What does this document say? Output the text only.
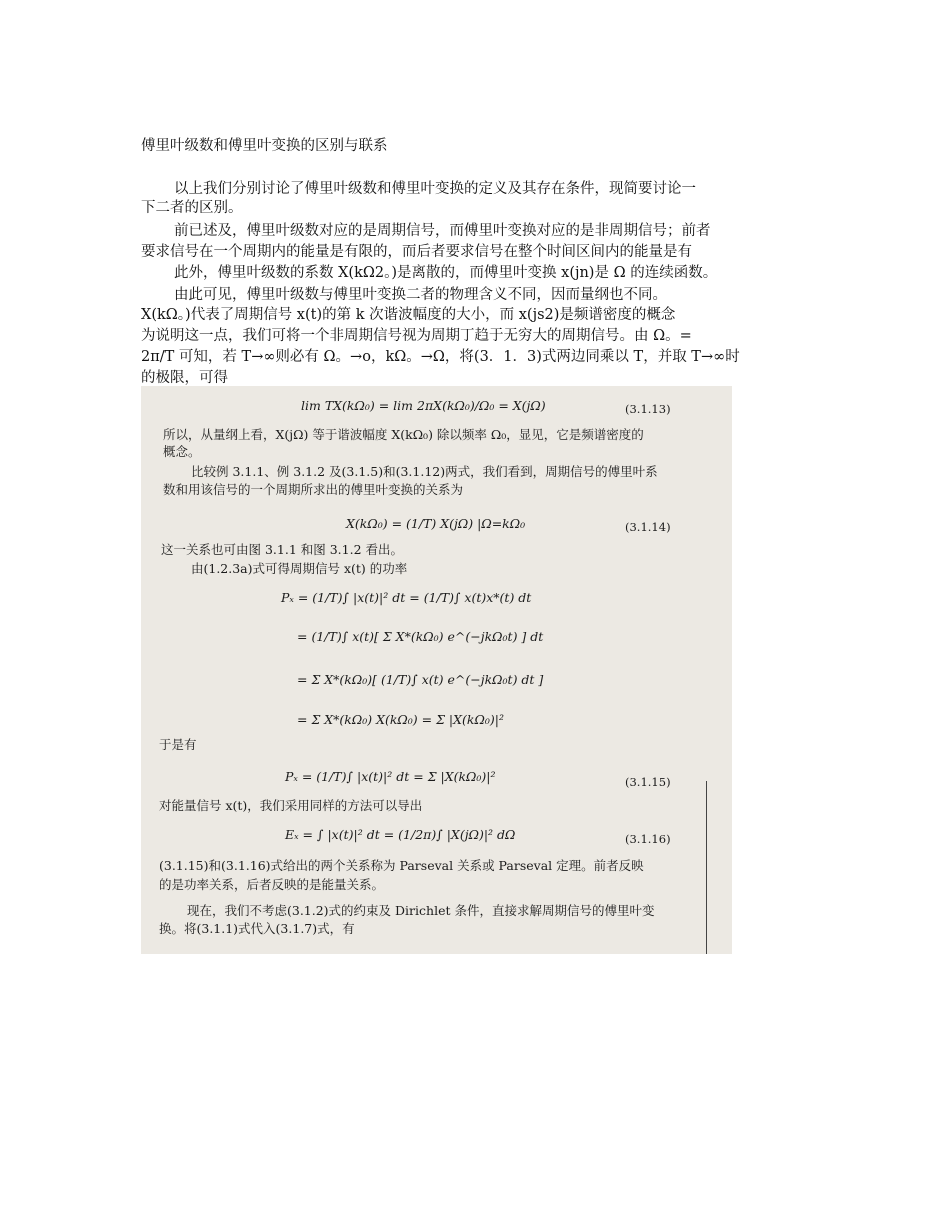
傅里叶级数和傅里叶变换的区别与联系
以上我们分别讨论了傅里叶级数和傅里叶变换的定义及其存在条件，现简要讨论一
下二者的区别。
前已述及，傅里叶级数对应的是周期信号，而傅里叶变换对应的是非周期信号；前者
要求信号在一个周期内的能量是有限的，而后者要求信号在整个时间区间内的能量是有
此外，傅里叶级数的系数 X(kΩ2。)是离散的，而傅里叶变换 x(jn)是 Ω 的连续函数。
由此可见，傅里叶级数与傅里叶变换二者的物理含义不同，因而量纲也不同。
X(kΩ。)代表了周期信号 x(t)的第 k 次谐波幅度的大小，而 x(js2)是频谱密度的概念
为说明这一点，我们可将一个非周期信号视为周期丁趋于无穷大的周期信号。由 Ω。=
2π/T 可知，若 T→∞则必有 Ω。→o，kΩ。→Ω，将(3．1．3)式两边同乘以 T，并取 T→∞时
的极限，可得
lim TX(kΩ₀) = lim 2πX(kΩ₀)/Ω₀ = X(jΩ)	(3.1.13)
所以，从量纲上看，X(jΩ) 等于谐波幅度 X(kΩ₀) 除以频率 Ω₀，显见，它是频谱密度的
概念。
比较例 3.1.1、例 3.1.2 及(3.1.5)和(3.1.12)两式，我们看到，周期信号的傅里叶系
数和用该信号的一个周期所求出的傅里叶变换的关系为
X(kΩ₀) = (1/T) X(jΩ) |Ω=kΩ₀	(3.1.14)
这一关系也可由图 3.1.1 和图 3.1.2 看出。
由(1.2.3a)式可得周期信号 x(t) 的功率
Pₓ = (1/T)∫ |x(t)|² dt = (1/T)∫ x(t)x*(t) dt
= (1/T)∫ x(t)[ Σ X*(kΩ₀) e^(−jkΩ₀t) ] dt
= Σ X*(kΩ₀)[ (1/T)∫ x(t) e^(−jkΩ₀t) dt ]
= Σ X*(kΩ₀) X(kΩ₀) = Σ |X(kΩ₀)|²
于是有
Pₓ = (1/T)∫ |x(t)|² dt = Σ |X(kΩ₀)|²	(3.1.15)
对能量信号 x(t)，我们采用同样的方法可以导出
Eₓ = ∫ |x(t)|² dt = (1/2π)∫ |X(jΩ)|² dΩ	(3.1.16)
(3.1.15)和(3.1.16)式给出的两个关系称为 Parseval 关系或 Parseval 定理。前者反映
的是功率关系，后者反映的是能量关系。
现在，我们不考虑(3.1.2)式的约束及 Dirichlet 条件，直接求解周期信号的傅里叶变
换。将(3.1.1)式代入(3.1.7)式，有
